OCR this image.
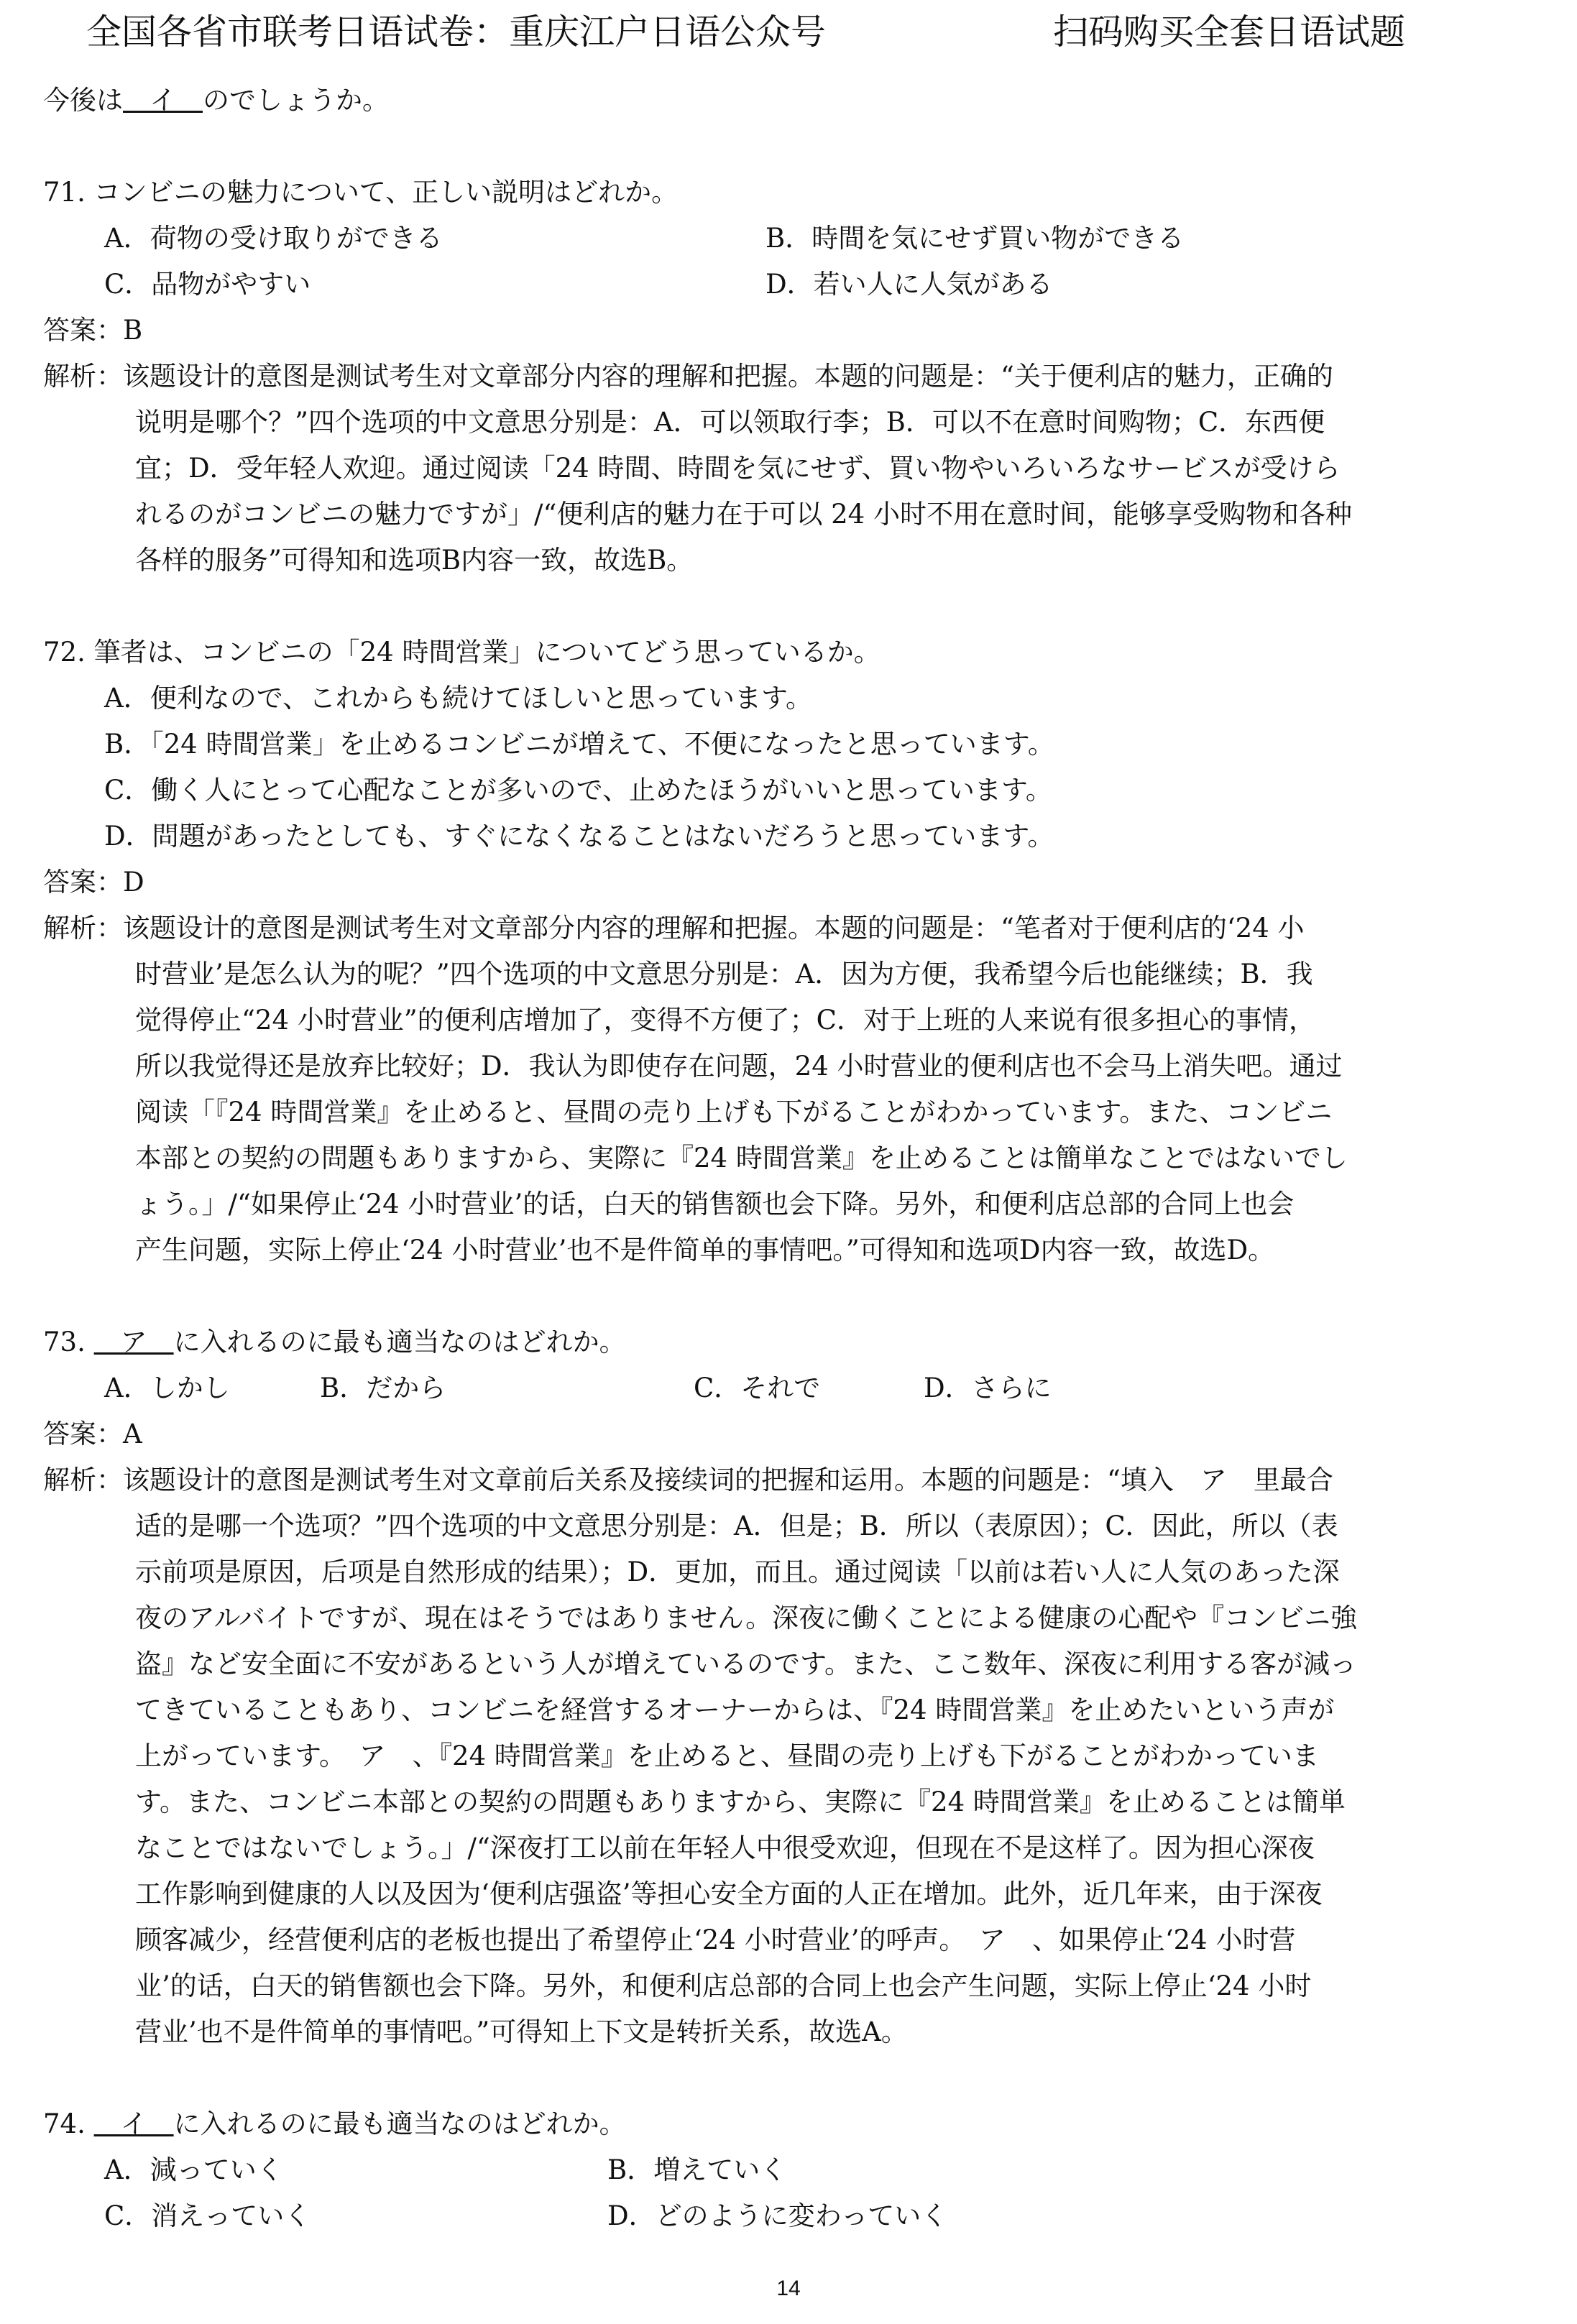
全国各省市联考日语试卷：重庆江户日语公众号	扫码购买全套日语试题
今後は　イ　のでしょうか。
71. コンビニの魅力について、正しい説明はどれか。
A．荷物の受け取りができる	B．時間を気にせず買い物ができる
C．品物がやすい	D．若い人に人気がある
答案：B
解析：该题设计的意图是测试考生对文章部分内容的理解和把握。本题的问题是：“关于便利店的魅力，正确的
说明是哪个？”四个选项的中文意思分别是：A．可以领取行李；B．可以不在意时间购物；C．东西便
宜；D．受年轻人欢迎。通过阅读「24 時間、時間を気にせず、買い物やいろいろなサービスが受けら
れるのがコンビニの魅力ですが」/“便利店的魅力在于可以 24 小时不用在意时间，能够享受购物和各种
各样的服务”可得知和选项B内容一致，故选B。
72. 筆者は、コンビニの「24 時間営業」についてどう思っているか。
A．便利なので、これからも続けてほしいと思っています。
B．「24 時間営業」を止めるコンビニが増えて、不便になったと思っています。
C．働く人にとって心配なことが多いので、止めたほうがいいと思っています。
D．問題があったとしても、すぐになくなることはないだろうと思っています。
答案：D
解析：该题设计的意图是测试考生对文章部分内容的理解和把握。本题的问题是：“笔者对于便利店的‘24 小
时营业’是怎么认为的呢？”四个选项的中文意思分别是：A．因为方便，我希望今后也能继续；B．我
觉得停止“24 小时营业”的便利店增加了，变得不方便了；C．对于上班的人来说有很多担心的事情，
所以我觉得还是放弃比较好；D．我认为即使存在问题，24 小时营业的便利店也不会马上消失吧。通过
阅读「『24 時間営業』を止めると、昼間の売り上げも下がることがわかっています。また、コンビニ
本部との契約の問題もありますから、実際に『24 時間営業』を止めることは簡単なことではないでし
ょう。」/“如果停止‘24 小时营业’的话，白天的销售额也会下降。另外，和便利店总部的合同上也会
产生问题，实际上停止‘24 小时营业’也不是件简单的事情吧。”可得知和选项D内容一致，故选D。
73. 　ア　に入れるのに最も適当なのはどれか。
A．しかし	B．だから	C．それで	D．さらに
答案：A
解析：该题设计的意图是测试考生对文章前后关系及接续词的把握和运用。本题的问题是：“填入　ア　里最合
适的是哪一个选项？”四个选项的中文意思分别是：A．但是；B．所以（表原因）；C．因此，所以（表
示前项是原因，后项是自然形成的结果）；D．更加，而且。通过阅读「以前は若い人に人気のあった深
夜のアルバイトですが、現在はそうではありません。深夜に働くことによる健康の心配や『コンビニ強
盗』など安全面に不安があるという人が増えているのです。また、ここ数年、深夜に利用する客が減っ
てきていることもあり、コンビニを経営するオーナーからは、『24 時間営業』を止めたいという声が
上がっています。　ア　、『24 時間営業』を止めると、昼間の売り上げも下がることがわかっていま
す。また、コンビニ本部との契約の問題もありますから、実際に『24 時間営業』を止めることは簡単
なことではないでしょう。」/“深夜打工以前在年轻人中很受欢迎，但现在不是这样了。因为担心深夜
工作影响到健康的人以及因为‘便利店强盗’等担心安全方面的人正在增加。此外，近几年来，由于深夜
顾客减少，经营便利店的老板也提出了希望停止‘24 小时营业’的呼声。　ア　、如果停止‘24 小时营
业’的话，白天的销售额也会下降。另外，和便利店总部的合同上也会产生问题，实际上停止‘24 小时
营业’也不是件简单的事情吧。”可得知上下文是转折关系，故选A。
74. 　イ　に入れるのに最も適当なのはどれか。
A．減っていく	B．増えていく
C．消えっていく	D．どのように変わっていく
14
